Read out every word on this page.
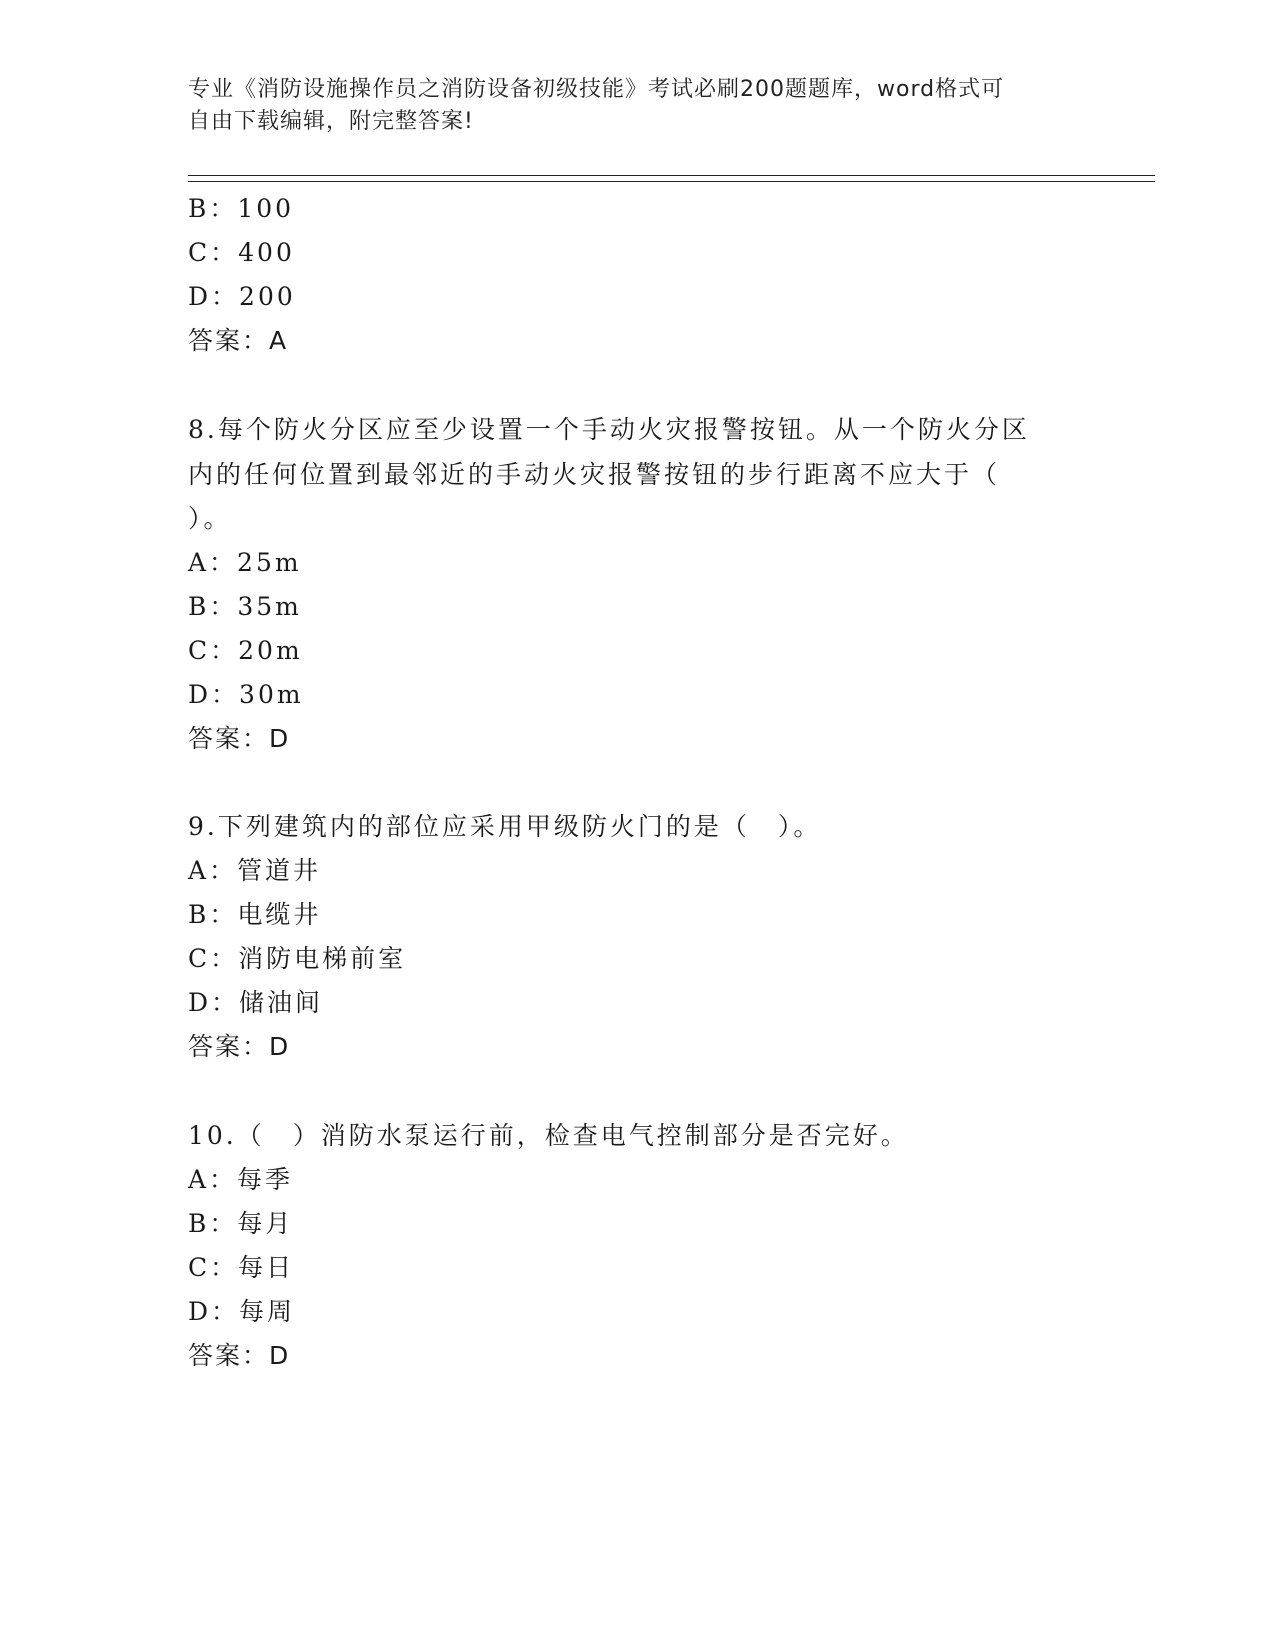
专业《消防设施操作员之消防设备初级技能》考试必刷200题题库，word格式可
自由下载编辑，附完整答案!
B：100
C：400
D：200
答案：A
8.每个防火分区应至少设置一个手动火灾报警按钮。从一个防火分区
内的任何位置到最邻近的手动火灾报警按钮的步行距离不应大于（
）。
A：25m
B：35m
C：20m
D：30m
答案：D
9.下列建筑内的部位应采用甲级防火门的是（　）。
A：管道井
B：电缆井
C：消防电梯前室
D：储油间
答案：D
10.（　）消防水泵运行前，检查电气控制部分是否完好。
A：每季
B：每月
C：每日
D：每周
答案：D
